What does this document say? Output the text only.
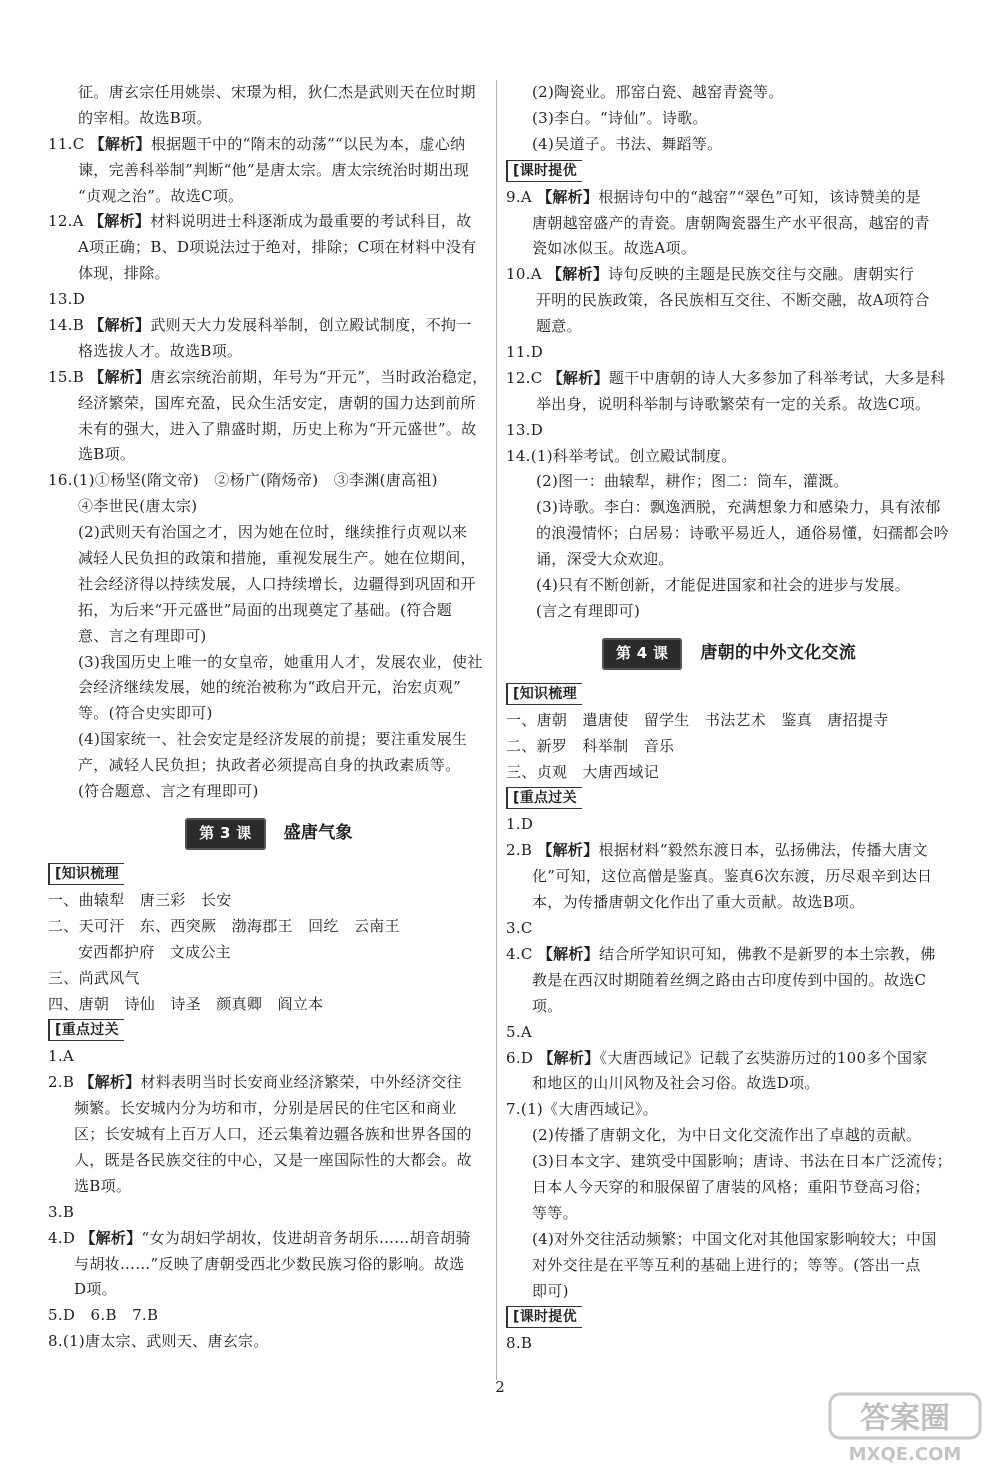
征。唐玄宗任用姚崇、宋璟为相，狄仁杰是武则天在位时期
的宰相。故选B项。
11.C 【解析】根据题干中的“隋末的动荡”“以民为本，虚心纳
谏，完善科举制”判断“他”是唐太宗。唐太宗统治时期出现
“贞观之治”。故选C项。
12.A 【解析】材料说明进士科逐渐成为最重要的考试科目，故
A项正确；B、D项说法过于绝对，排除；C项在材料中没有
体现，排除。
13.D
14.B 【解析】武则天大力发展科举制，创立殿试制度，不拘一
格选拔人才。故选B项。
15.B 【解析】唐玄宗统治前期，年号为“开元”，当时政治稳定，
经济繁荣，国库充盈，民众生活安定，唐朝的国力达到前所
未有的强大，进入了鼎盛时期，历史上称为“开元盛世”。故
选B项。
16.(1)①杨坚(隋文帝)　②杨广(隋炀帝)　③李渊(唐高祖)
④李世民(唐太宗)
(2)武则天有治国之才，因为她在位时，继续推行贞观以来
减轻人民负担的政策和措施，重视发展生产。她在位期间，
社会经济得以持续发展，人口持续增长，边疆得到巩固和开
拓，为后来“开元盛世”局面的出现奠定了基础。(符合题
意、言之有理即可)
(3)我国历史上唯一的女皇帝，她重用人才，发展农业，使社
会经济继续发展，她的统治被称为“政启开元，治宏贞观”
等。(符合史实即可)
(4)国家统一、社会安定是经济发展的前提；要注重发展生
产，减轻人民负担；执政者必须提高自身的执政素质等。
(符合题意、言之有理即可)
第 3 课	盛唐气象
[知识梳理
一、曲辕犁　唐三彩　长安
二、天可汗　东、西突厥　渤海郡王　回纥　云南王
安西都护府　文成公主
三、尚武风气
四、唐朝　诗仙　诗圣　颜真卿　阎立本
[重点过关
1.A
2.B 【解析】材料表明当时长安商业经济繁荣，中外经济交往
频繁。长安城内分为坊和市，分别是居民的住宅区和商业
区；长安城有上百万人口，还云集着边疆各族和世界各国的
人，既是各民族交往的中心，又是一座国际性的大都会。故
选B项。
3.B
4.D 【解析】“女为胡妇学胡妆，伎进胡音务胡乐……胡音胡骑
与胡妆……”反映了唐朝受西北少数民族习俗的影响。故选
D项。
5.D　6.B　7.B
8.(1)唐太宗、武则天、唐玄宗。
(2)陶瓷业。邢窑白瓷、越窑青瓷等。
(3)李白。“诗仙”。诗歌。
(4)吴道子。书法、舞蹈等。
[课时提优
9.A 【解析】根据诗句中的“越窑”“翠色”可知，该诗赞美的是
唐朝越窑盛产的青瓷。唐朝陶瓷器生产水平很高，越窑的青
瓷如冰似玉。故选A项。
10.A 【解析】诗句反映的主题是民族交往与交融。唐朝实行
开明的民族政策，各民族相互交往、不断交融，故A项符合
题意。
11.D
12.C 【解析】题干中唐朝的诗人大多参加了科举考试，大多是科
举出身，说明科举制与诗歌繁荣有一定的关系。故选C项。
13.D
14.(1)科举考试。创立殿试制度。
(2)图一：曲辕犁，耕作；图二：筒车，灌溉。
(3)诗歌。李白：飘逸洒脱，充满想象力和感染力，具有浓郁
的浪漫情怀；白居易：诗歌平易近人，通俗易懂，妇孺都会吟
诵，深受大众欢迎。
(4)只有不断创新，才能促进国家和社会的进步与发展。
(言之有理即可)
第 4 课	唐朝的中外文化交流
[知识梳理
一、唐朝　遣唐使　留学生　书法艺术　鉴真　唐招提寺
二、新罗　科举制　音乐
三、贞观　大唐西域记
[重点过关
1.D
2.B 【解析】根据材料“毅然东渡日本，弘扬佛法，传播大唐文
化”可知，这位高僧是鉴真。鉴真6次东渡，历尽艰辛到达日
本，为传播唐朝文化作出了重大贡献。故选B项。
3.C
4.C 【解析】结合所学知识可知，佛教不是新罗的本土宗教，佛
教是在西汉时期随着丝绸之路由古印度传到中国的。故选C
项。
5.A
6.D 【解析】《大唐西域记》记载了玄奘游历过的100多个国家
和地区的山川风物及社会习俗。故选D项。
7.(1)《大唐西域记》。
(2)传播了唐朝文化，为中日文化交流作出了卓越的贡献。
(3)日本文字、建筑受中国影响；唐诗、书法在日本广泛流传；
日本人今天穿的和服保留了唐装的风格；重阳节登高习俗；
等等。
(4)对外交往活动频繁；中国文化对其他国家影响较大；中国
对外交往是在平等互利的基础上进行的；等等。(答出一点
即可)
[课时提优
8.B
2
答案圈
MXQE.COM
